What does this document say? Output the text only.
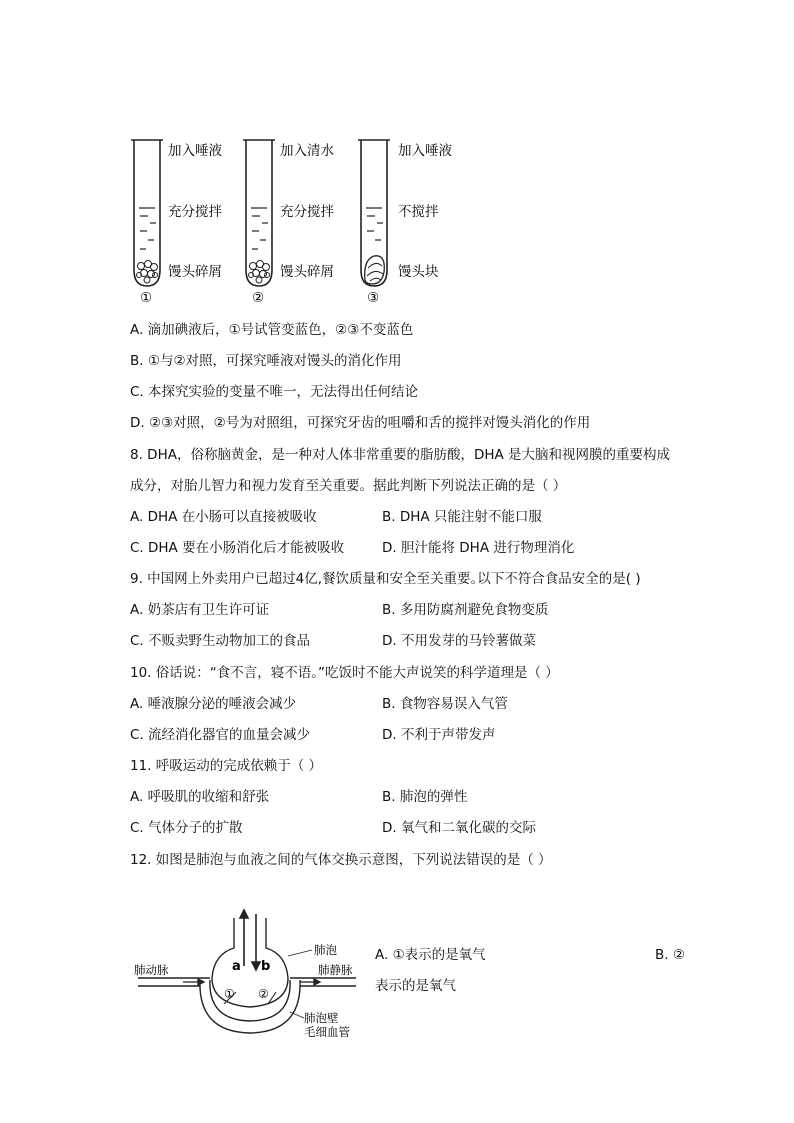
加入唾液
充分搅拌
馒头碎屑
①
加入清水
充分搅拌
馒头碎屑
②
加入唾液
不搅拌
馒头块
③
A. 滴加碘液后，①号试管变蓝色，②③不变蓝色
B. ①与②对照，可探究唾液对馒头的消化作用
C. 本探究实验的变量不唯一，无法得出任何结论
D. ②③对照，②号为对照组，可探究牙齿的咀嚼和舌的搅拌对馒头消化的作用
8. DHA，俗称脑黄金，是一种对人体非常重要的脂肪酸，DHA 是大脑和视网膜的重要构成
成分，对胎儿智力和视力发育至关重要。据此判断下列说法正确的是（ ）
A. DHA 在小肠可以直接被吸收	B. DHA 只能注射不能口服
C. DHA 要在小肠消化后才能被吸收	D. 胆汁能将 DHA 进行物理消化
9. 中国网上外卖用户已超过4亿,餐饮质量和安全至关重要｡以下不符合食品安全的是( )
A. 奶茶店有卫生许可证	B. 多用防腐剂避免食物变质
C. 不贩卖野生动物加工的食品	D. 不用发芽的马铃薯做菜
10. 俗话说：“食不言，寝不语。”吃饭时不能大声说笑的科学道理是（ ）
A. 唾液腺分泌的唾液会减少	B. 食物容易误入气管
C. 流经消化器官的血量会减少	D. 不利于声带发声
11. 呼吸运动的完成依赖于（ ）
A. 呼吸肌的收缩和舒张	B. 肺泡的弹性
C. 气体分子的扩散	D. 氧气和二氧化碳的交际
12. 如图是肺泡与血液之间的气体交换示意图，下列说法错误的是（ ）
a b
① ②
肺泡
肺动脉	肺静脉
肺泡壁
毛细血管
A. ①表示的是氧气	B. ②
表示的是氧气
